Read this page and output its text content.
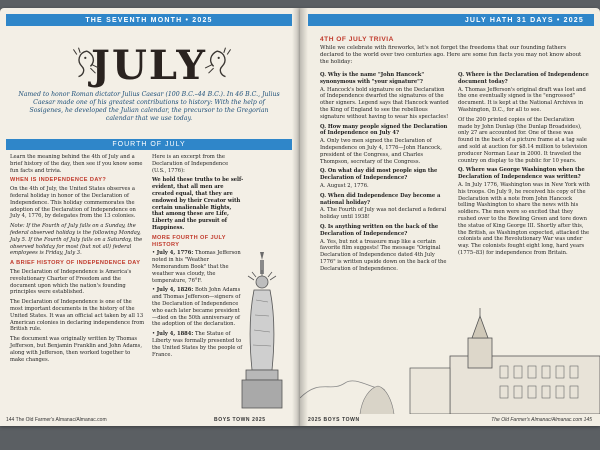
THE SEVENTH MONTH • 2025
JULY
Named to honor Roman dictator Julius Caesar (100 B.C.–44 B.C.). In 46 B.C., Julius Caesar made one of his greatest contributions to history: With the help of Sosigenes, he developed the Julian calendar, the precursor to the Gregorian calendar that we use today.
FOURTH OF JULY

Learn the meaning behind the 4th of July and a brief history of the day, then see if you know some fun facts and trivia.

WHEN IS INDEPENDENCE DAY?

On the 4th of July, the United States observes a federal holiday in honor of the Declaration of Independence. This holiday commemorates the adoption of the Declaration of Independence on July 4, 1776, by delegates from the 13 colonies.

Note: If the Fourth of July falls on a Sunday, the federal observed holiday is the following Monday, July 5. If the Fourth of July falls on a Saturday, the observed holiday for most (but not all) federal employees is Friday, July 3.

A BRIEF HISTORY OF INDEPENDENCE DAY

The Declaration of Independence is America's revolutionary Charter of Freedom and the document upon which the nation's founding principles were established.

The Declaration of Independence is one of the most important documents in the history of the United States. It was an official act taken by all 13 American colonies in declaring independence from British rule.

The document was originally written by Thomas Jefferson, but Benjamin Franklin and John Adams, along with Jefferson, then worked together to make changes.

Here is an excerpt from the Declaration of Independence (U.S., 1776):

We hold these truths to be self-evident, that all men are created equal, that they are endowed by their Creator with certain unalienable Rights, that among these are Life, Liberty and the pursuit of Happiness.

MORE FOURTH OF JULY HISTORY

• July 4, 1776: Thomas Jefferson noted in his "Weather Memorandum Book" that the weather was cloudy, the temperature, 76°F.

• July 4, 1826: Both John Adams and Thomas Jefferson—signers of the Declaration of Independence who each later became president—died on the 50th anniversary of the adoption of the declaration.

• July 4, 1884: The Statue of Liberty was formally presented to the United States by the people of France.

144 The Old Farmer's Almanac/Almanac.com	BOYS TOWN 2025
JULY HATH 31 DAYS • 2025
4TH OF JULY TRIVIA
While we celebrate with fireworks, let's not forget the freedoms that our founding fathers declared to the world over two centuries ago. Here are some fun facts you may not know about the holiday:
Q. Why is the name "John Hancock" synonymous with "your signature"?

A. Hancock's bold signature on the Declaration of Independence dwarfed the signatures of the other signers. Legend says that Hancock wanted the King of England to see the rebellious signature without having to wear his spectacles!

Q. How many people signed the Declaration of Independence on July 4?

A. Only two men signed the Declaration of Independence on July 4, 1776—John Hancock, president of the Congress, and Charles Thompson, secretary of the Congress.

Q. On what day did most people sign the Declaration of Independence?

A. August 2, 1776.

Q. When did Independence Day become a national holiday?

A. The Fourth of July was not declared a federal holiday until 1938!

Q. Is anything written on the back of the Declaration of Independence?

A. Yes, but not a treasure map like a certain favorite film suggests! The message "Original Declaration of Independence dated 4th July 1776" is written upside down on the back of the Declaration of Independence.

Q. Where is the Declaration of Independence document today?

A. Thomas Jefferson's original draft was lost and the one eventually signed is the "engrossed" document. It is kept at the National Archives in Washington, D.C., for all to see.

Of the 200 printed copies of the Declaration made by John Dunlap (the Dunlap Broadsides), only 27 are accounted for. One of these was found in the back of a picture frame at a tag sale and sold at auction for $8.14 million to television producer Norman Lear in 2000. It traveled the country on display to the public for 10 years.

Q. Where was George Washington when the Declaration of Independence was written?

A. In July 1776, Washington was in New York with his troops. On July 9, he received his copy of the Declaration with a note from John Hancock telling Washington to share the news with his soldiers. The men were so excited that they rushed over to the Bowling Green and tore down the statue of King George III. Shortly after this, the British, as Washington expected, attacked the colonists and the Revolutionary War was under way. The colonists fought eight long, hard years (1775–83) for independence from Britain.

2025 BOYS TOWN	The Old Farmer's Almanac/Almanac.com 145
